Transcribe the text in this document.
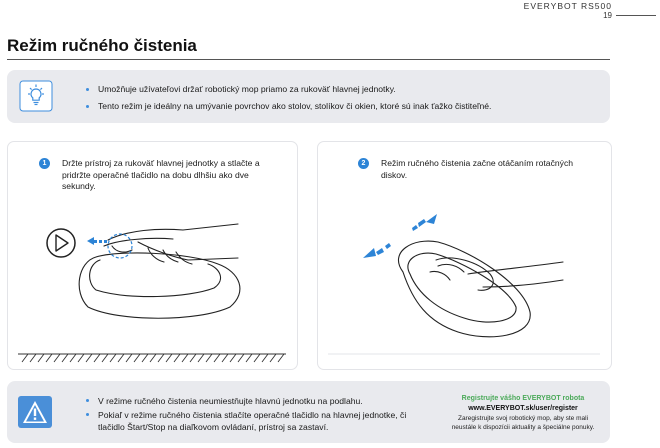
EVERYBOT RS500
19
Režim ručného čistenia
Umožňuje užívateľovi držať robotický mop priamo za rukoväť hlavnej jednotky.
Tento režim je ideálny na umývanie povrchov ako stolov, stolíkov či okien, ktoré sú inak ťažko čistiteľné.
1	Držte prístroj za rukoväť hlavnej jednotky a stlačte a pridržte operačné tlačidlo na dobu dlhšiu ako dve sekundy.

2	Režim ručného čistenia začne otáčaním rotačných diskov.

V režime ručného čistenia neumiestňujte hlavnú jednotku na podlahu.
Pokiaľ v režime ručného čistenia stlačíte operačné tlačidlo na hlavnej jednotke, či tlačidlo Štart/Stop na diaľkovom ovládaní, prístroj sa zastaví.
Registrujte vášho EVERYBOT robota
www.EVERYBOT.sk/user/register
Zaregistrujte svoj robotický mop, aby ste mali
neustále k dispozícii aktuality a špeciálne ponuky.
